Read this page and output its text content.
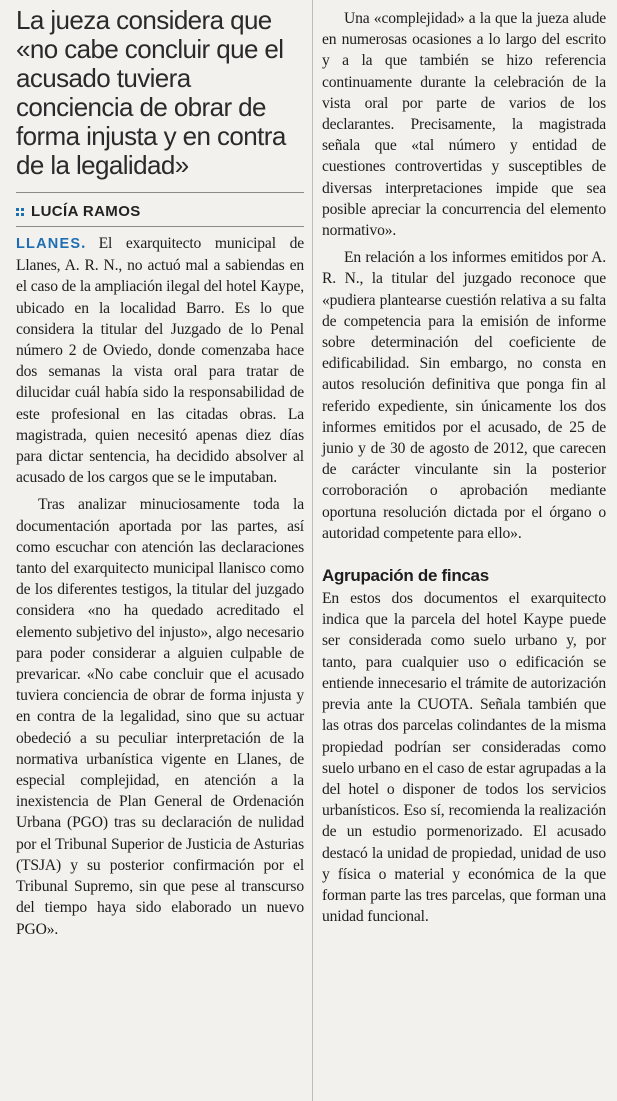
La jueza considera que «no cabe concluir que el acusado tuviera conciencia de obrar de forma injusta y en contra de la legalidad»
LUCÍA RAMOS

LLANES. El exarquitecto municipal de Llanes, A. R. N., no actuó mal a sabiendas en el caso de la ampliación ilegal del hotel Kaype, ubicado en la localidad Barro. Es lo que considera la titular del Juzgado de lo Penal número 2 de Oviedo, donde comenzaba hace dos semanas la vista oral para tratar de dilucidar cuál había sido la responsabilidad de este profesional en las citadas obras. La magistrada, quien necesitó apenas diez días para dictar sentencia, ha decidido absolver al acusado de los cargos que se le imputaban.

Tras analizar minuciosamente toda la documentación aportada por las partes, así como escuchar con atención las declaraciones tanto del exarquitecto municipal llanisco como de los diferentes testigos, la titular del juzgado considera «no ha quedado acreditado el elemento subjetivo del injusto», algo necesario para poder considerar a alguien culpable de prevaricar. «No cabe concluir que el acusado tuviera conciencia de obrar de forma injusta y en contra de la legalidad, sino que su actuar obedeció a su peculiar interpretación de la normativa urbanística vigente en Llanes, de especial complejidad, en atención a la inexistencia de Plan General de Ordenación Urbana (PGO) tras su declaración de nulidad por el Tribunal Superior de Justicia de Asturias (TSJA) y su posterior confirmación por el Tribunal Supremo, sin que pese al transcurso del tiempo haya sido elaborado un nuevo PGO».

Una «complejidad» a la que la jueza alude en numerosas ocasiones a lo largo del escrito y a la que también se hizo referencia continuamente durante la celebración de la vista oral por parte de varios de los declarantes. Precisamente, la magistrada señala que «tal número y entidad de cuestiones controvertidas y susceptibles de diversas interpretaciones impide que sea posible apreciar la concurrencia del elemento normativo».

En relación a los informes emitidos por A. R. N., la titular del juzgado reconoce que «pudiera plantearse cuestión relativa a su falta de competencia para la emisión de informe sobre determinación del coeficiente de edificabilidad. Sin embargo, no consta en autos resolución definitiva que ponga fin al referido expediente, sin únicamente los dos informes emitidos por el acusado, de 25 de junio y de 30 de agosto de 2012, que carecen de carácter vinculante sin la posterior corroboración o aprobación mediante oportuna resolución dictada por el órgano o autoridad competente para ello».

Agrupación de fincas

En estos dos documentos el exarquitecto indica que la parcela del hotel Kaype puede ser considerada como suelo urbano y, por tanto, para cualquier uso o edificación se entiende innecesario el trámite de autorización previa ante la CUOTA. Señala también que las otras dos parcelas colindantes de la misma propiedad podrían ser consideradas como suelo urbano en el caso de estar agrupadas a la del hotel o disponer de todos los servicios urbanísticos. Eso sí, recomienda la realización de un estudio pormenorizado. El acusado destacó la unidad de propiedad, unidad de uso y física o material y económica de la que forman parte las tres parcelas, que forman una unidad funcional.
